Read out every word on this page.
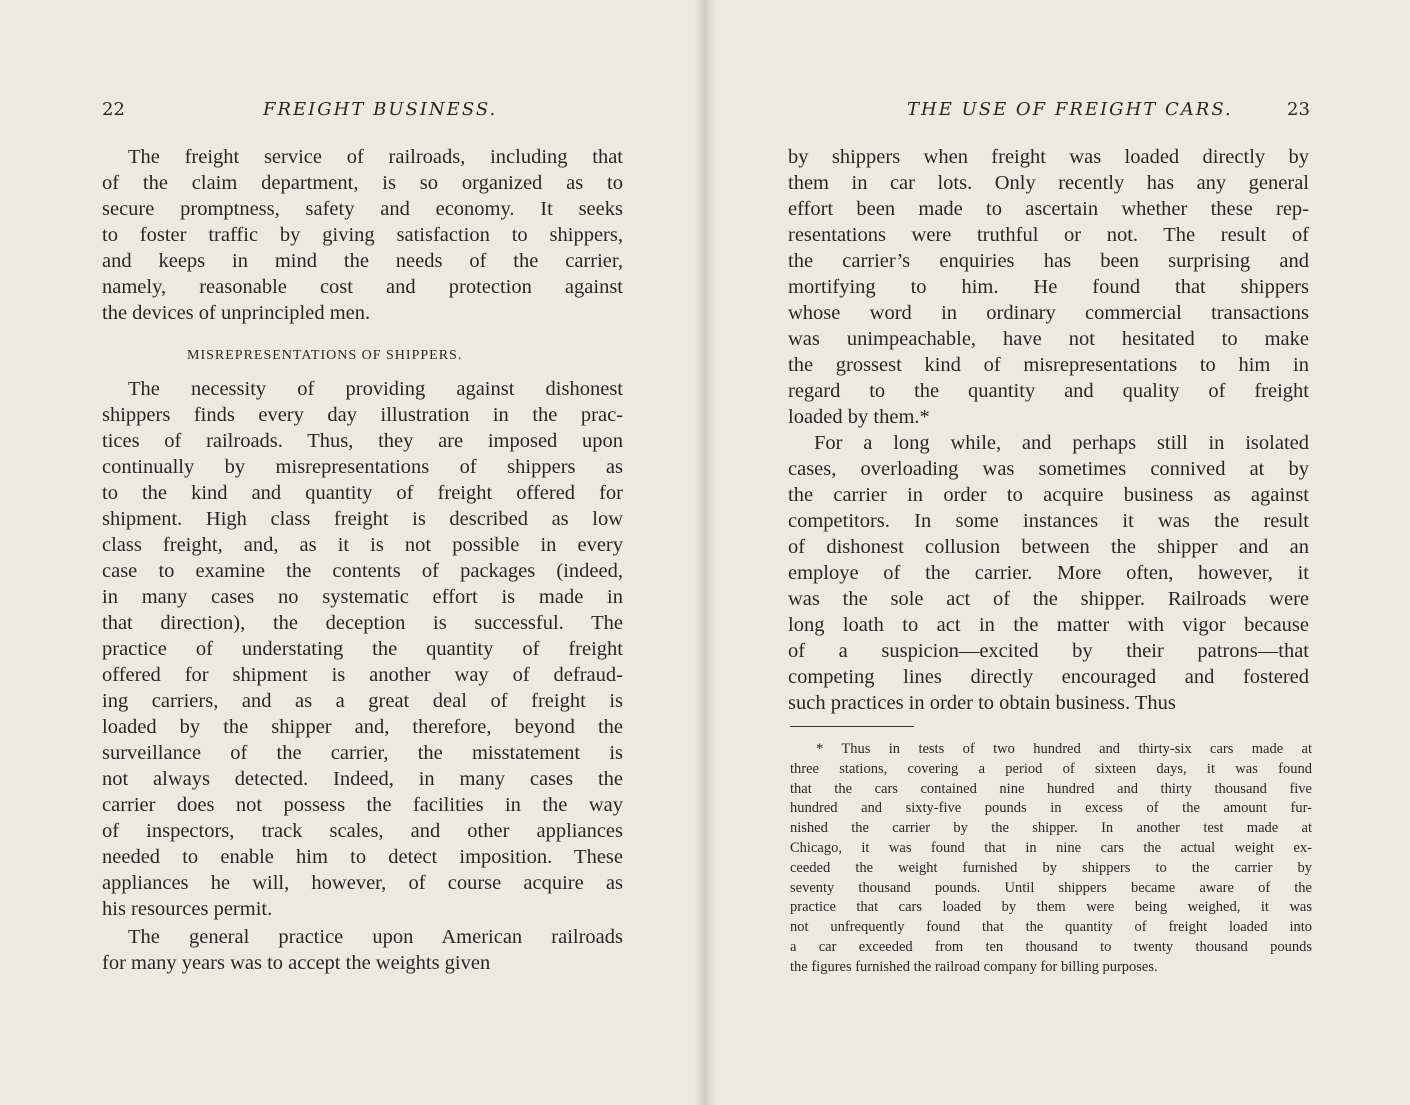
22	FREIGHT BUSINESS.
The freight service of railroads, including that
of the claim department, is so organized as to
secure promptness, safety and economy. It seeks
to foster traffic by giving satisfaction to shippers,
and keeps in mind the needs of the carrier,
namely, reasonable cost and protection against
the devices of unprincipled men.
MISREPRESENTATIONS OF SHIPPERS.
The necessity of providing against dishonest
shippers finds every day illustration in the prac-
tices of railroads. Thus, they are imposed upon
continually by misrepresentations of shippers as
to the kind and quantity of freight offered for
shipment. High class freight is described as low
class freight, and, as it is not possible in every
case to examine the contents of packages (indeed,
in many cases no systematic effort is made in
that direction), the deception is successful. The
practice of understating the quantity of freight
offered for shipment is another way of defraud-
ing carriers, and as a great deal of freight is
loaded by the shipper and, therefore, beyond the
surveillance of the carrier, the misstatement is
not always detected. Indeed, in many cases the
carrier does not possess the facilities in the way
of inspectors, track scales, and other appliances
needed to enable him to detect imposition. These
appliances he will, however, of course acquire as
his resources permit.
The general practice upon American railroads
for many years was to accept the weights given
THE USE OF FREIGHT CARS.	23
by shippers when freight was loaded directly by
them in car lots. Only recently has any general
effort been made to ascertain whether these rep-
resentations were truthful or not. The result of
the carrier’s enquiries has been surprising and
mortifying to him. He found that shippers
whose word in ordinary commercial transactions
was unimpeachable, have not hesitated to make
the grossest kind of misrepresentations to him in
regard to the quantity and quality of freight
loaded by them.*
For a long while, and perhaps still in isolated
cases, overloading was sometimes connived at by
the carrier in order to acquire business as against
competitors. In some instances it was the result
of dishonest collusion between the shipper and an
employe of the carrier. More often, however, it
was the sole act of the shipper. Railroads were
long loath to act in the matter with vigor because
of a suspicion—excited by their patrons—that
competing lines directly encouraged and fostered
such practices in order to obtain business. Thus
* Thus in tests of two hundred and thirty-six cars made at
three stations, covering a period of sixteen days, it was found
that the cars contained nine hundred and thirty thousand five
hundred and sixty-five pounds in excess of the amount fur-
nished the carrier by the shipper. In another test made at
Chicago, it was found that in nine cars the actual weight ex-
ceeded the weight furnished by shippers to the carrier by
seventy thousand pounds. Until shippers became aware of the
practice that cars loaded by them were being weighed, it was
not unfrequently found that the quantity of freight loaded into
a car exceeded from ten thousand to twenty thousand pounds
the figures furnished the railroad company for billing purposes.
